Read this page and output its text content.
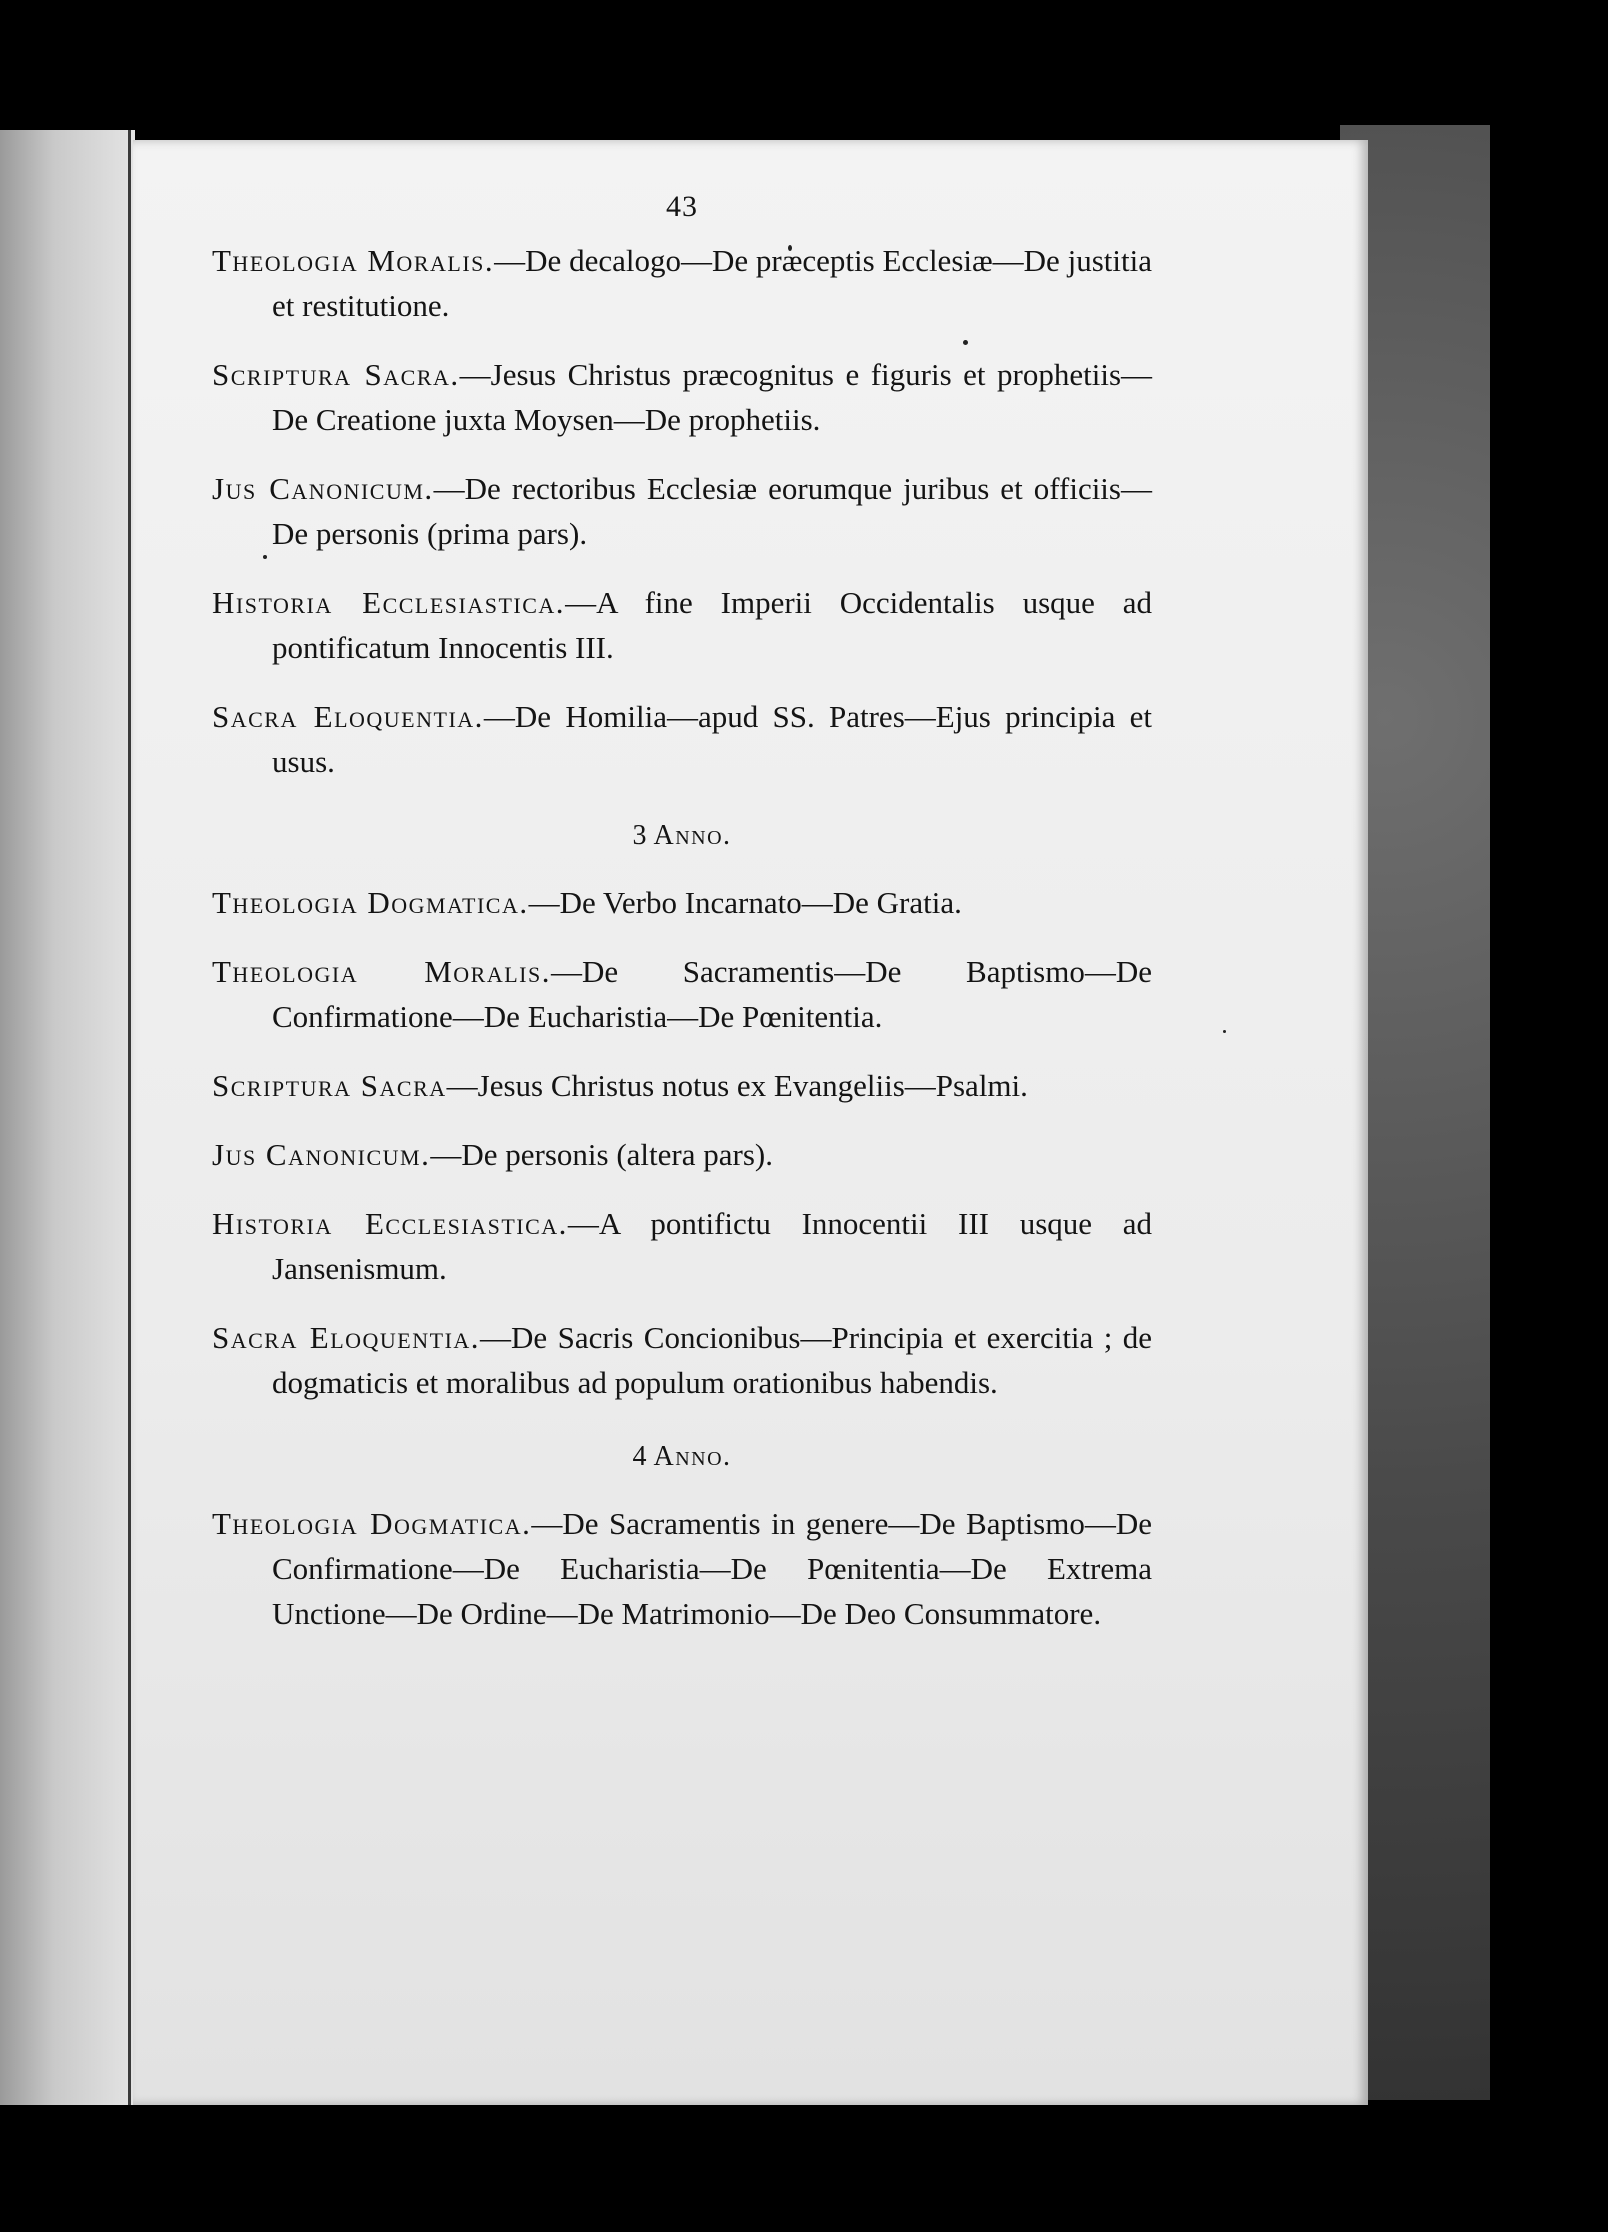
43

Theologia Moralis.—De decalogo—De præceptis Ecclesiæ—De justitia et restitutione.

Scriptura Sacra.—Jesus Christus præcognitus e figuris et prophetiis—De Creatione juxta Moysen—De prophetiis.

Jus Canonicum.—De rectoribus Ecclesiæ eorumque juribus et officiis—De personis (prima pars).

Historia Ecclesiastica.—A fine Imperii Occidentalis usque ad pontificatum Innocentis III.

Sacra Eloquentia.—De Homilia—apud SS. Patres—Ejus principia et usus.

3 Anno.

Theologia Dogmatica.—De Verbo Incarnato—De Gratia.

Theologia Moralis.—De Sacramentis—De Baptismo—De Confirmatione—De Eucharistia—De Pœnitentia.

Scriptura Sacra—Jesus Christus notus ex Evangeliis—Psalmi.

Jus Canonicum.—De personis (altera pars).

Historia Ecclesiastica.—A pontifictu Innocentii III usque ad Jansenismum.

Sacra Eloquentia.—De Sacris Concionibus—Principia et exercitia ; de dogmaticis et moralibus ad populum orationibus habendis.

4 Anno.

Theologia Dogmatica.—De Sacramentis in genere—De Baptismo—De Confirmatione—De Eucharistia—De Pœnitentia—De Extrema Unctione—De Ordine—De Matrimonio—De Deo Consummatore.
